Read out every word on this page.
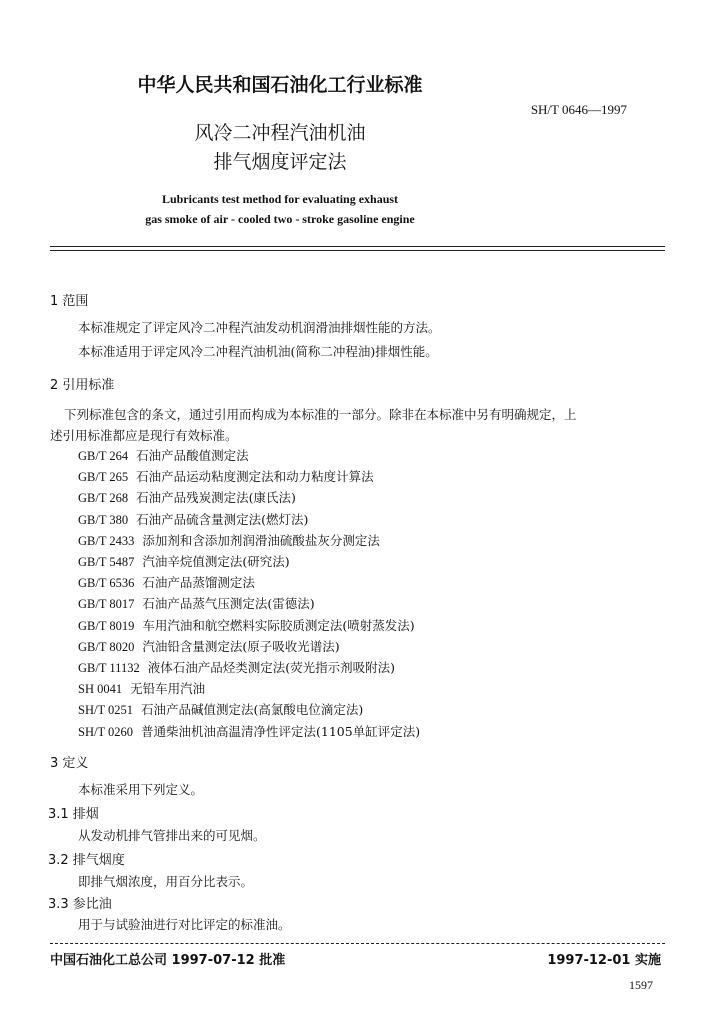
中华人民共和国石油化工行业标准
SH/T 0646—1997
风冷二冲程汽油机油
排气烟度评定法
Lubricants test method for evaluating exhaust
gas smoke of air - cooled two - stroke gasoline engine
1 范围
本标准规定了评定风冷二冲程汽油发动机润滑油排烟性能的方法。
本标准适用于评定风冷二冲程汽油机油(简称二冲程油)排烟性能。
2 引用标准
下列标准包含的条文，通过引用而构成为本标准的一部分。除非在本标准中另有明确规定，上
述引用标准都应是现行有效标准。
GB/T 264 石油产品酸值测定法
GB/T 265 石油产品运动粘度测定法和动力粘度计算法
GB/T 268 石油产品残炭测定法(康氏法)
GB/T 380 石油产品硫含量测定法(燃灯法)
GB/T 2433 添加剂和含添加剂润滑油硫酸盐灰分测定法
GB/T 5487 汽油辛烷值测定法(研究法)
GB/T 6536 石油产品蒸馏测定法
GB/T 8017 石油产品蒸气压测定法(雷德法)
GB/T 8019 车用汽油和航空燃料实际胶质测定法(喷射蒸发法)
GB/T 8020 汽油铅含量测定法(原子吸收光谱法)
GB/T 11132 液体石油产品烃类测定法(荧光指示剂吸附法)
SH 0041 无铅车用汽油
SH/T 0251 石油产品碱值测定法(高氯酸电位滴定法)
SH/T 0260 普通柴油机油高温清净性评定法(1105单缸评定法)
3 定义
本标准采用下列定义。
3.1 排烟
从发动机排气管排出来的可见烟。
3.2 排气烟度
即排气烟浓度，用百分比表示。
3.3 参比油
用于与试验油进行对比评定的标准油。
中国石油化工总公司 1997-07-12 批准	1997-12-01 实施
1597
